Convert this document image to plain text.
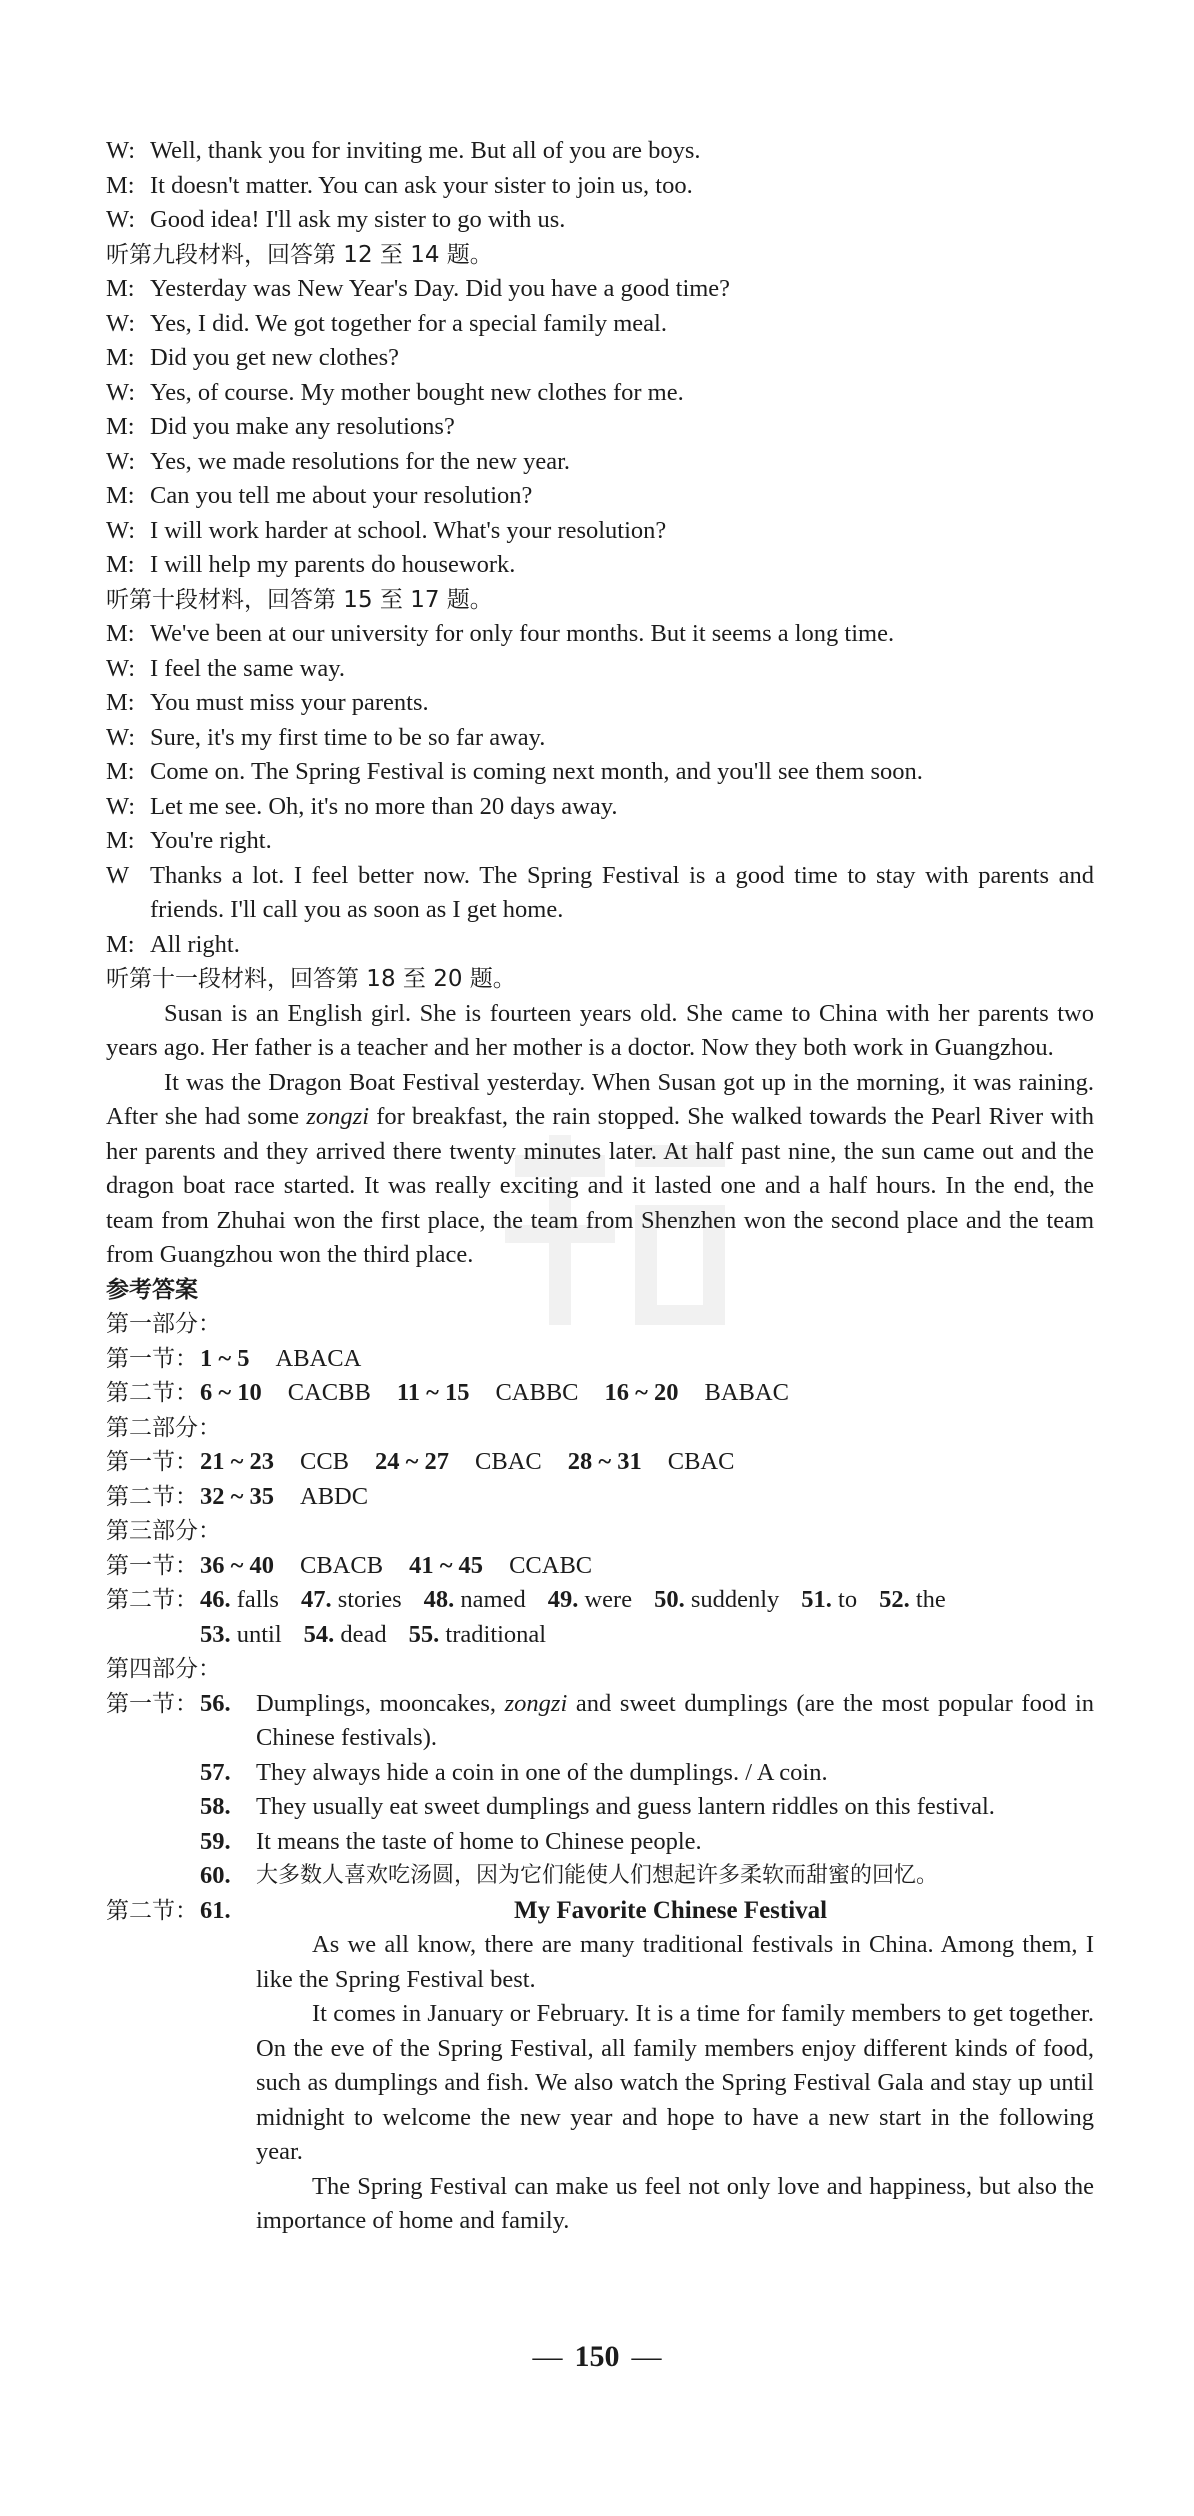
W : Well, thank you for inviting me. But all of you are boys.
M : It doesn't matter. You can ask your sister to join us, too.
W : Good idea! I'll ask my sister to go with us.
听第九段材料，回答第 12 至 14 题。
M : Yesterday was New Year's Day. Did you have a good time?
W : Yes, I did. We got together for a special family meal.
M : Did you get new clothes?
W : Yes, of course. My mother bought new clothes for me.
M : Did you make any resolutions?
W : Yes, we made resolutions for the new year.
M : Can you tell me about your resolution?
W : I will work harder at school. What's your resolution?
M : I will help my parents do housework.
听第十段材料，回答第 15 至 17 题。
M : We've been at our university for only four months. But it seems a long time.
W : I feel the same way.
M : You must miss your parents.
W : Sure, it's my first time to be so far away.
M : Come on. The Spring Festival is coming next month, and you'll see them soon.
W : Let me see. Oh, it's no more than 20 days away.
M : You're right.
W Thanks a lot. I feel better now. The Spring Festival is a good time to stay with parents and friends. I'll call you as soon as I get home.
M : All right.
听第十一段材料，回答第 18 至 20 题。
Susan is an English girl. She is fourteen years old. She came to China with her parents two years ago. Her father is a teacher and her mother is a doctor. Now they both work in Guangzhou.
It was the Dragon Boat Festival yesterday. When Susan got up in the morning, it was raining. After she had some zongzi for breakfast, the rain stopped. She walked towards the Pearl River with her parents and they arrived there twenty minutes later. At half past nine, the sun came out and the dragon boat race started. It was really exciting and it lasted one and a half hours. In the end, the team from Zhuhai won the first place, the team from Shenzhen won the second place and the team from Guangzhou won the third place.
参考答案
第一部分：
第一节：1 ~ 5 ABACA
第二节：6 ~ 10 CACBB 11 ~ 15 CABBC 16 ~ 20 BABAC
第二部分：
第一节：21 ~ 23 CCB 24 ~ 27 CBAC 28 ~ 31 CBAC
第二节：32 ~ 35 ABDC
第三部分：
第一节：36 ~ 40 CBACB 41 ~ 45 CCABC
第二节：46. falls 47. stories 48. named 49. were 50. suddenly 51. to 52. the
53. until 54. dead 55. traditional
第四部分：
第一节：56.	Dumplings, mooncakes, zongzi and sweet dumplings (are the most popular food in Chinese festivals).
57.	They always hide a coin in one of the dumplings. / A coin.
58.	They usually eat sweet dumplings and guess lantern riddles on this festival.
59.	It means the taste of home to Chinese people.
60.	大多数人喜欢吃汤圆，因为它们能使人们想起许多柔软而甜蜜的回忆。
第二节：61.	My Favorite Chinese Festival
As we all know, there are many traditional festivals in China. Among them, I like the Spring Festival best.
It comes in January or February. It is a time for family members to get together. On the eve of the Spring Festival, all family members enjoy different kinds of food, such as dumplings and fish. We also watch the Spring Festival Gala and stay up until midnight to welcome the new year and hope to have a new start in the following year.
The Spring Festival can make us feel not only love and happiness, but also the importance of home and family.
— 150 —
